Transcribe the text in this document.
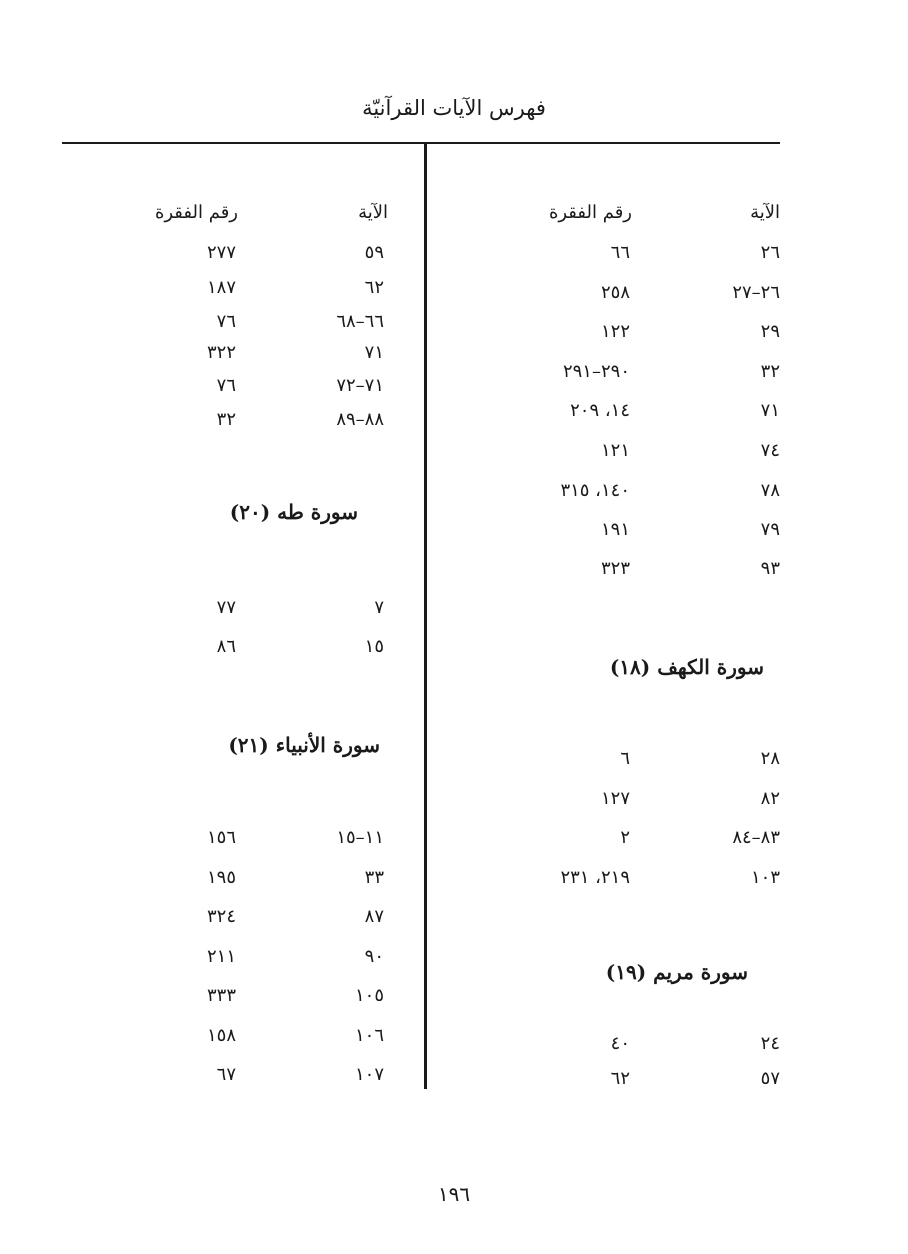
فهرس الآيات القرآنيّة
الآية
رقم الفقرة
٢٦
٦٦
٢٦–٢٧
٢٥٨
٢٩
١٢٢
٣٢
٢٩٠–٢٩١
٧١
١٤، ٢٠٩
٧٤
١٢١
٧٨
١٤٠، ٣١٥
٧٩
١٩١
٩٣
٣٢٣
سورة الكهف (١٨)
٢٨
٦
٨٢
١٢٧
٨٣–٨٤
٢
١٠٣
٢١٩، ٢٣١
سورة مريم (١٩)
٢٤
٤٠
٥٧
٦٢
الآية
رقم الفقرة
٥٩
٢٧٧
٦٢
١٨٧
٦٦–٦٨
٧٦
٧١
٣٢٢
٧١–٧٢
٧٦
٨٨–٨٩
٣٢
سورة طه (٢٠)
٧
٧٧
١٥
٨٦
سورة الأنبياء (٢١)
١١–١٥
١٥٦
٣٣
١٩٥
٨٧
٣٢٤
٩٠
٢١١
١٠٥
٣٣٣
١٠٦
١٥٨
١٠٧
٦٧
١٩٦
